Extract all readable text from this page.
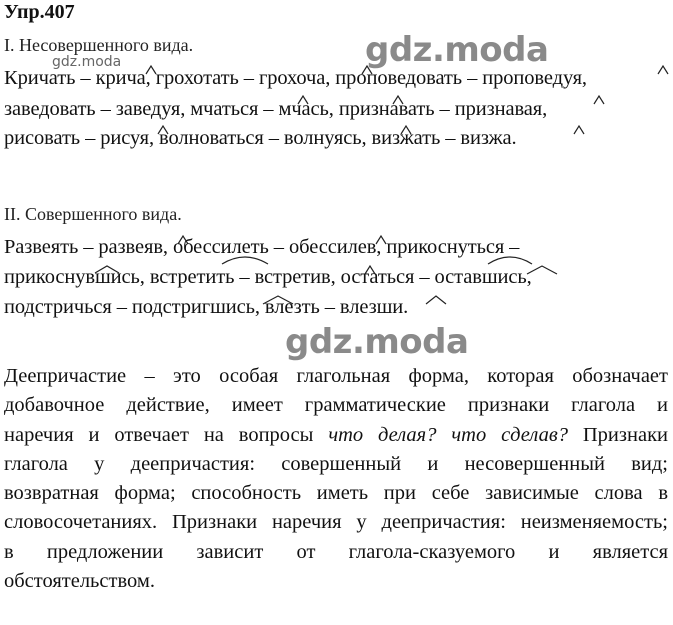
Упр.407
gdz.moda
I. Несовершенного вида.	gdz.moda
Кричать – крича, грохотать – грохоча, проповедовать – проповедуя,
заведовать – заведуя, мчаться – мчась, признавать – признавая,
рисовать – рисуя, волноваться – волнуясь, визжать – визжа.
II. Совершенного вида.
Развеять – развеяв, обессилеть – обессилев, прикоснуться –
прикоснувшись, встретить – встретив, остаться – оставшись,
подстричься – подстригшись, влезть – влезши.
gdz.moda
Деепричастие – это особая глагольная форма, которая обозначает
добавочное действие, имеет грамматические признаки глагола и
наречия и отвечает на вопросы что делая? что сделав? Признаки
глагола у деепричастия: совершенный и несовершенный вид;
возвратная форма; способность иметь при себе зависимые слова в
словосочетаниях. Признаки наречия у деепричастия: неизменяемость;
в предложении зависит от глагола-сказуемого и является
обстоятельством.
